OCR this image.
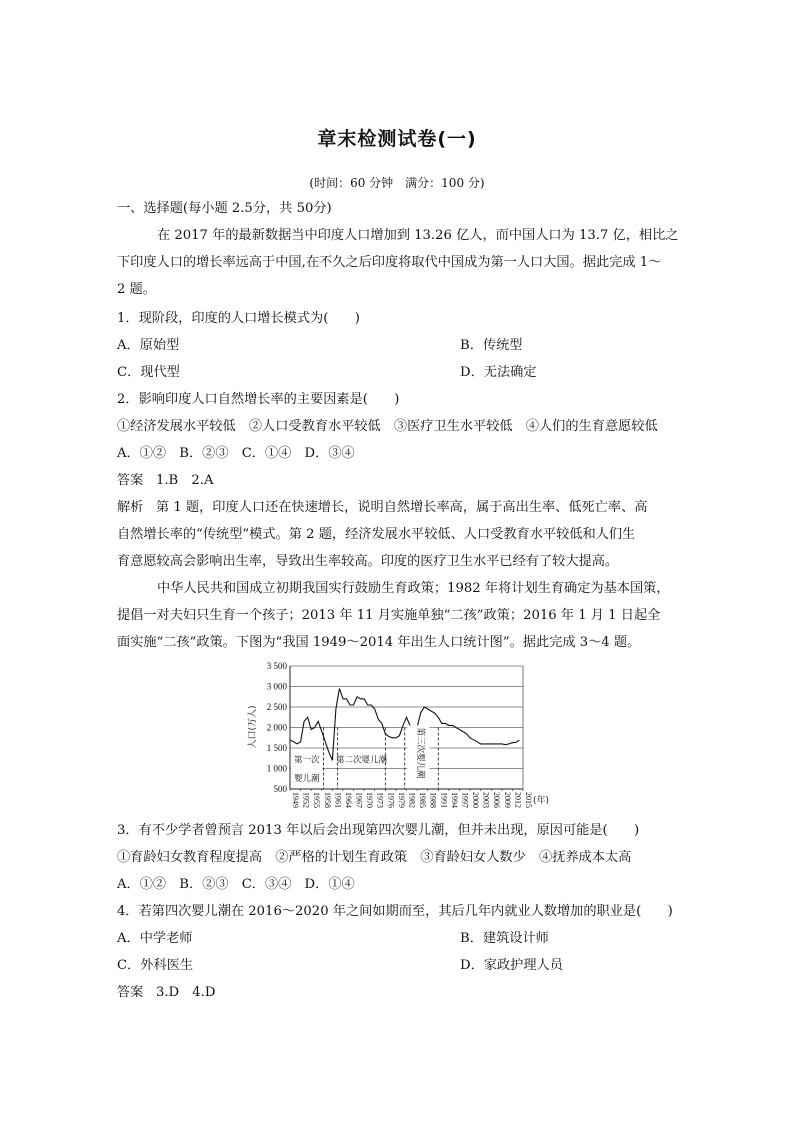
章末检测试卷(一)
(时间：60 分钟　满分：100 分)
一、选择题(每小题 2.5分，共 50分)
在 2017 年的最新数据当中印度人口增加到 13.26 亿人，而中国人口为 13.7 亿，相比之
下印度人口的增长率远高于中国,在不久之后印度将取代中国成为第一人口大国。据此完成 1～
2 题。
1．现阶段，印度的人口增长模式为(　　)
A．原始型	B．传统型
C．现代型	D．无法确定
2．影响印度人口自然增长率的主要因素是(　　)
①经济发展水平较低　②人口受教育水平较低　③医疗卫生水平较低　④人们的生育意愿较低
A．①②　B．②③　C．①④　D．③④
答案 1.B　2.A
解析 第 1 题，印度人口还在快速增长，说明自然增长率高，属于高出生率、低死亡率、高
自然增长率的“传统型”模式。第 2 题，经济发展水平较低、人口受教育水平较低和人们生
育意愿较高会影响出生率，导致出生率较高。印度的医疗卫生水平已经有了较大提高。
中华人民共和国成立初期我国实行鼓励生育政策；1982 年将计划生育确定为基本国策，
提倡一对夫妇只生育一个孩子；2013 年 11 月实施单独“二孩”政策；2016 年 1 月 1 日起全
面实施“二孩”政策。下图为“我国 1949～2014 年出生人口统计图”。据此完成 3～4 题。
3 500
3 000
2 500
2 000
1 500
1 000
500
人口(万人)
1949 1952 1955 1958 1961 1964 1967 1970 1973 1976 1979 1982 1985 1988 1991 1994 1997 2000 2003 2006 2009 2012 2015 (年)
第一次
婴儿潮
第二次婴儿潮	第三次婴儿潮
3．有不少学者曾预言 2013 年以后会出现第四次婴儿潮，但并未出现，原因可能是(　　)
①育龄妇女教育程度提高　②严格的计划生育政策　③育龄妇女人数少　④抚养成本太高
A．①②　B．②③　C．③④　D．①④
4．若第四次婴儿潮在 2016～2020 年之间如期而至，其后几年内就业人数增加的职业是(　　)
A．中学老师	B．建筑设计师
C．外科医生	D．家政护理人员
答案 3.D　4.D
